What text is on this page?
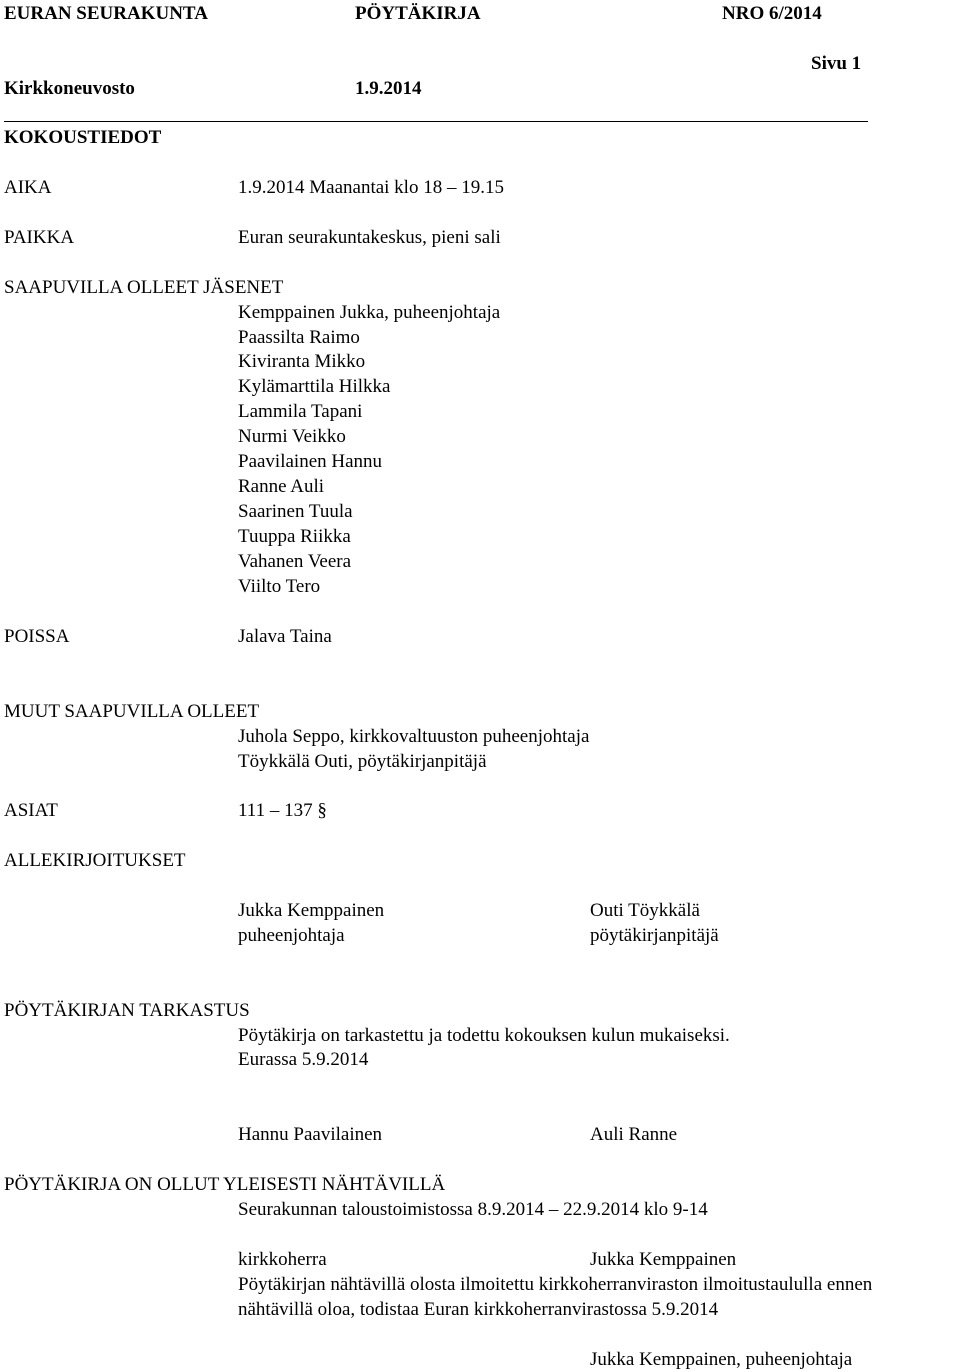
EURAN SEURAKUNTA	PÖYTÄKIRJA	NRO 6/2014
Sivu 1
Kirkkoneuvosto	1.9.2014
KOKOUSTIEDOT
AIKA	1.9.2014 Maanantai klo 18 – 19.15
PAIKKA	Euran seurakuntakeskus, pieni sali
SAAPUVILLA OLLEET JÄSENET
Kemppainen Jukka, puheenjohtaja
Paassilta Raimo
Kiviranta Mikko
Kylämarttila Hilkka
Lammila Tapani
Nurmi Veikko
Paavilainen Hannu
Ranne Auli
Saarinen Tuula
Tuuppa Riikka
Vahanen Veera
Viilto Tero
POISSA	Jalava Taina
MUUT SAAPUVILLA OLLEET
Juhola Seppo, kirkkovaltuuston puheenjohtaja
Töykkälä Outi, pöytäkirjanpitäjä
ASIAT	111 – 137 §
ALLEKIRJOITUKSET
Jukka Kemppainen
puheenjohtaja
Outi Töykkälä
pöytäkirjanpitäjä
PÖYTÄKIRJAN TARKASTUS
Pöytäkirja on tarkastettu ja todettu kokouksen kulun mukaiseksi.
Eurassa 5.9.2014
Hannu Paavilainen	Auli Ranne
PÖYTÄKIRJA ON OLLUT YLEISESTI NÄHTÄVILLÄ
Seurakunnan taloustoimistossa 8.9.2014 – 22.9.2014 klo 9-14
kirkkoherra	Jukka Kemppainen
Pöytäkirjan nähtävillä olosta ilmoitettu kirkkoherranviraston ilmoitustaululla ennen
nähtävillä oloa, todistaa Euran kirkkoherranvirastossa 5.9.2014
Jukka Kemppainen, puheenjohtaja
